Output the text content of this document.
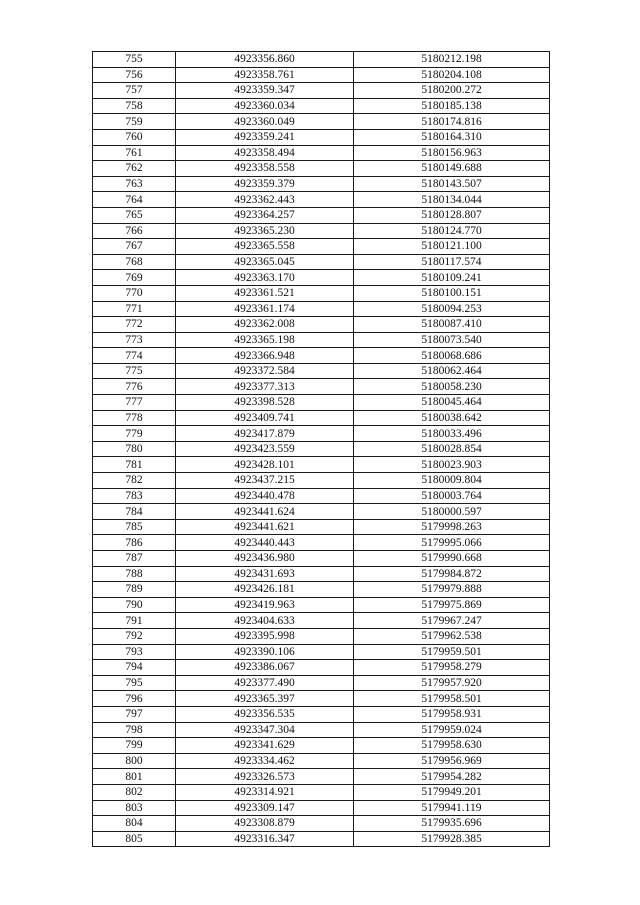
755	4923356.860	5180212.198
756	4923358.761	5180204.108
757	4923359.347	5180200.272
758	4923360.034	5180185.138
759	4923360.049	5180174.816
760	4923359.241	5180164.310
761	4923358.494	5180156.963
762	4923358.558	5180149.688
763	4923359.379	5180143.507
764	4923362.443	5180134.044
765	4923364.257	5180128.807
766	4923365.230	5180124.770
767	4923365.558	5180121.100
768	4923365.045	5180117.574
769	4923363.170	5180109.241
770	4923361.521	5180100.151
771	4923361.174	5180094.253
772	4923362.008	5180087.410
773	4923365.198	5180073.540
774	4923366.948	5180068.686
775	4923372.584	5180062.464
776	4923377.313	5180058.230
777	4923398.528	5180045.464
778	4923409.741	5180038.642
779	4923417.879	5180033.496
780	4923423.559	5180028.854
781	4923428.101	5180023.903
782	4923437.215	5180009.804
783	4923440.478	5180003.764
784	4923441.624	5180000.597
785	4923441.621	5179998.263
786	4923440.443	5179995.066
787	4923436.980	5179990.668
788	4923431.693	5179984.872
789	4923426.181	5179979.888
790	4923419.963	5179975.869
791	4923404.633	5179967.247
792	4923395.998	5179962.538
793	4923390.106	5179959.501
794	4923386.067	5179958.279
795	4923377.490	5179957.920
796	4923365.397	5179958.501
797	4923356.535	5179958.931
798	4923347.304	5179959.024
799	4923341.629	5179958.630
800	4923334.462	5179956.969
801	4923326.573	5179954.282
802	4923314.921	5179949.201
803	4923309.147	5179941.119
804	4923308.879	5179935.696
805	4923316.347	5179928.385
